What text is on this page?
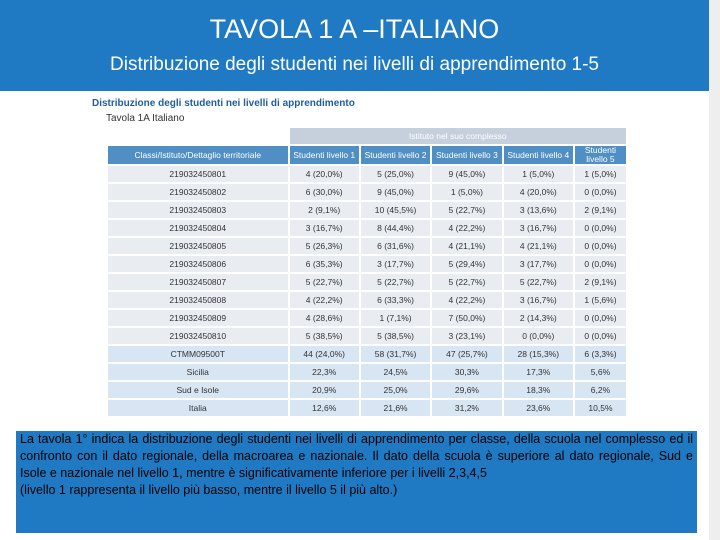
TAVOLA 1 A –ITALIANO
Distribuzione degli studenti nei livelli di apprendimento 1-5
Distribuzione degli studenti nei livelli di apprendimento
Tavola 1A Italiano
	Istituto nel suo complesso				
Classi/Istituto/Dettaglio territoriale	Studenti livello 1	Studenti livello 2	Studenti livello 3	Studenti livello 4	Studenti livello 5
219032450801	4 (20,0%)	5 (25,0%)	9 (45,0%)	1 (5,0%)	1 (5,0%)
219032450802	6 (30,0%)	9 (45,0%)	1 (5,0%)	4 (20,0%)	0 (0,0%)
219032450803	2 (9,1%)	10 (45,5%)	5 (22,7%)	3 (13,6%)	2 (9,1%)
219032450804	3 (16,7%)	8 (44,4%)	4 (22,2%)	3 (16,7%)	0 (0,0%)
219032450805	5 (26,3%)	6 (31,6%)	4 (21,1%)	4 (21,1%)	0 (0,0%)
219032450806	6 (35,3%)	3 (17,7%)	5 (29,4%)	3 (17,7%)	0 (0,0%)
219032450807	5 (22,7%)	5 (22,7%)	5 (22,7%)	5 (22,7%)	2 (9,1%)
219032450808	4 (22,2%)	6 (33,3%)	4 (22,2%)	3 (16,7%)	1 (5,6%)
219032450809	4 (28,6%)	1 (7,1%)	7 (50,0%)	2 (14,3%)	0 (0,0%)
219032450810	5 (38,5%)	5 (38,5%)	3 (23,1%)	0 (0,0%)	0 (0,0%)
CTMM09500T	44 (24,0%)	58 (31,7%)	47 (25,7%)	28 (15,3%)	6 (3,3%)
Sicilia	22,3%	24,5%	30,3%	17,3%	5,6%
Sud e Isole	20,9%	25,0%	29,6%	18,3%	6,2%
Italia	12,6%	21,6%	31,2%	23,6%	10,5%

La tavola 1° indica la distribuzione degli studenti nei livelli di apprendimento per classe, della scuola nel complesso ed il confronto con il dato regionale, della macroarea e nazionale. Il dato della scuola è superiore al dato regionale, Sud e Isole e nazionale nel livello 1, mentre è significativamente inferiore per i livelli 2,3,4,5

(livello 1 rappresenta il livello più basso, mentre il livello 5 il più alto.)
